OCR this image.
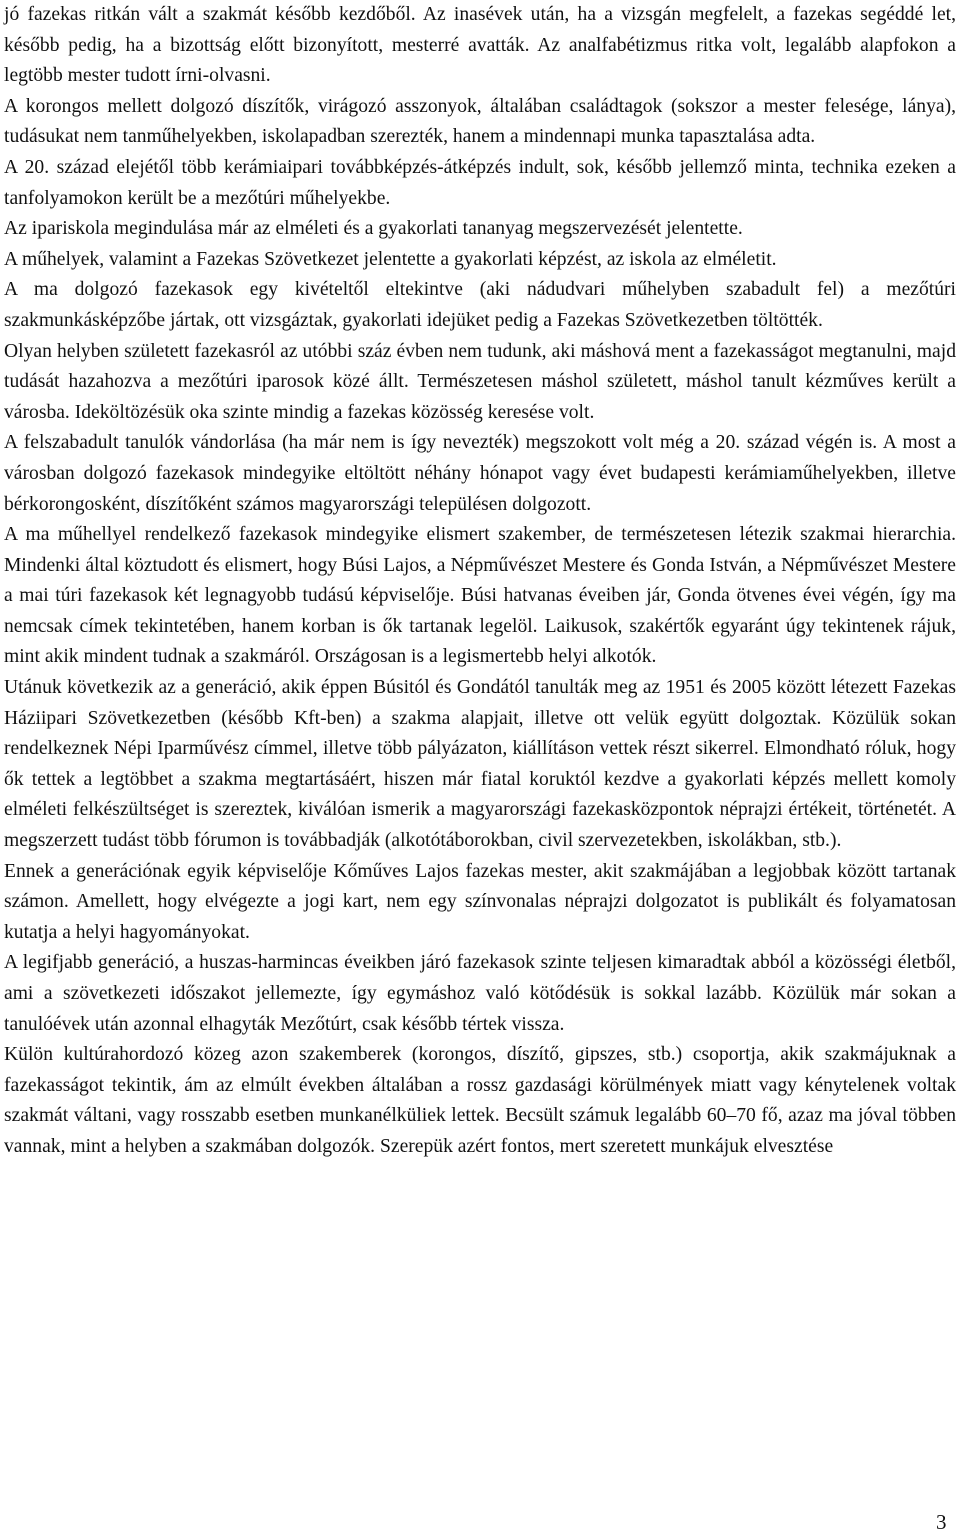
jó fazekas ritkán vált a szakmát később kezdőből. Az inasévek után, ha a vizsgán megfelelt, a fazekas segéddé let, később pedig, ha a bizottság előtt bizonyított, mesterré avatták. Az analfabétizmus ritka volt, legalább alapfokon a legtöbb mester tudott írni-olvasni.

A korongos mellett dolgozó díszítők, virágozó asszonyok, általában családtagok (sokszor a mester felesége, lánya), tudásukat nem tanműhelyekben, iskolapadban szerezték, hanem a mindennapi munka tapasztalása adta.

A 20. század elejétől több kerámiaipari továbbképzés-átképzés indult, sok, később jellemző minta, technika ezeken a tanfolyamokon került be a mezőtúri műhelyekbe.

Az ipariskola megindulása már az elméleti és a gyakorlati tananyag megszervezését jelentette.

A műhelyek, valamint a Fazekas Szövetkezet jelentette a gyakorlati képzést, az iskola az elméletit.

A ma dolgozó fazekasok egy kivételtől eltekintve (aki nádudvari műhelyben szabadult fel) a mezőtúri szakmunkásképzőbe jártak, ott vizsgáztak, gyakorlati idejüket pedig a Fazekas Szövetkezetben töltötték.

Olyan helyben született fazekasról az utóbbi száz évben nem tudunk, aki máshová ment a fazekasságot megtanulni, majd tudását hazahozva a mezőtúri iparosok közé állt. Természetesen máshol született, máshol tanult kézműves került a városba. Ideköltözésük oka szinte mindig a fazekas közösség keresése volt.

A felszabadult tanulók vándorlása (ha már nem is így nevezték) megszokott volt még a 20. század végén is. A most a városban dolgozó fazekasok mindegyike eltöltött néhány hónapot vagy évet budapesti kerámiaműhelyekben, illetve bérkorongosként, díszítőként számos magyarországi településen dolgozott.

A ma műhellyel rendelkező fazekasok mindegyike elismert szakember, de természetesen létezik szakmai hierarchia. Mindenki által köztudott és elismert, hogy Búsi Lajos, a Népművészet Mestere és Gonda István, a Népművészet Mestere a mai túri fazekasok két legnagyobb tudású képviselője. Búsi hatvanas éveiben jár, Gonda ötvenes évei végén, így ma nemcsak címek tekintetében, hanem korban is ők tartanak legelöl. Laikusok, szakértők egyaránt úgy tekintenek rájuk, mint akik mindent tudnak a szakmáról. Országosan is a legismertebb helyi alkotók.

Utánuk következik az a generáció, akik éppen Búsitól és Gondától tanulták meg az 1951 és 2005 között létezett Fazekas Háziipari Szövetkezetben (később Kft-ben) a szakma alapjait, illetve ott velük együtt dolgoztak. Közülük sokan rendelkeznek Népi Iparművész címmel, illetve több pályázaton, kiállításon vettek részt sikerrel. Elmondható róluk, hogy ők tettek a legtöbbet a szakma megtartásáért, hiszen már fiatal koruktól kezdve a gyakorlati képzés mellett komoly elméleti felkészültséget is szereztek, kiválóan ismerik a magyarországi fazekasközpontok néprajzi értékeit, történetét. A megszerzett tudást több fórumon is továbbadják (alkotótáborokban, civil szervezetekben, iskolákban, stb.).

Ennek a generációnak egyik képviselője Kőműves Lajos fazekas mester, akit szakmájában a legjobbak között tartanak számon. Amellett, hogy elvégezte a jogi kart, nem egy színvonalas néprajzi dolgozatot is publikált és folyamatosan kutatja a helyi hagyományokat.

A legifjabb generáció, a huszas-harmincas éveikben járó fazekasok szinte teljesen kimaradtak abból a közösségi életből, ami a szövetkezeti időszakot jellemezte, így egymáshoz való kötődésük is sokkal lazább. Közülük már sokan a tanulóévek után azonnal elhagyták Mezőtúrt, csak később tértek vissza.

Külön kultúrahordozó közeg azon szakemberek (korongos, díszítő, gipszes, stb.) csoportja, akik szakmájuknak a fazekasságot tekintik, ám az elmúlt években általában a rossz gazdasági körülmények miatt vagy kénytelenek voltak szakmát váltani, vagy rosszabb esetben munkanélküliek lettek. Becsült számuk legalább 60–70 fő, azaz ma jóval többen vannak, mint a helyben a szakmában dolgozók. Szerepük azért fontos, mert szeretett munkájuk elvesztése

3
